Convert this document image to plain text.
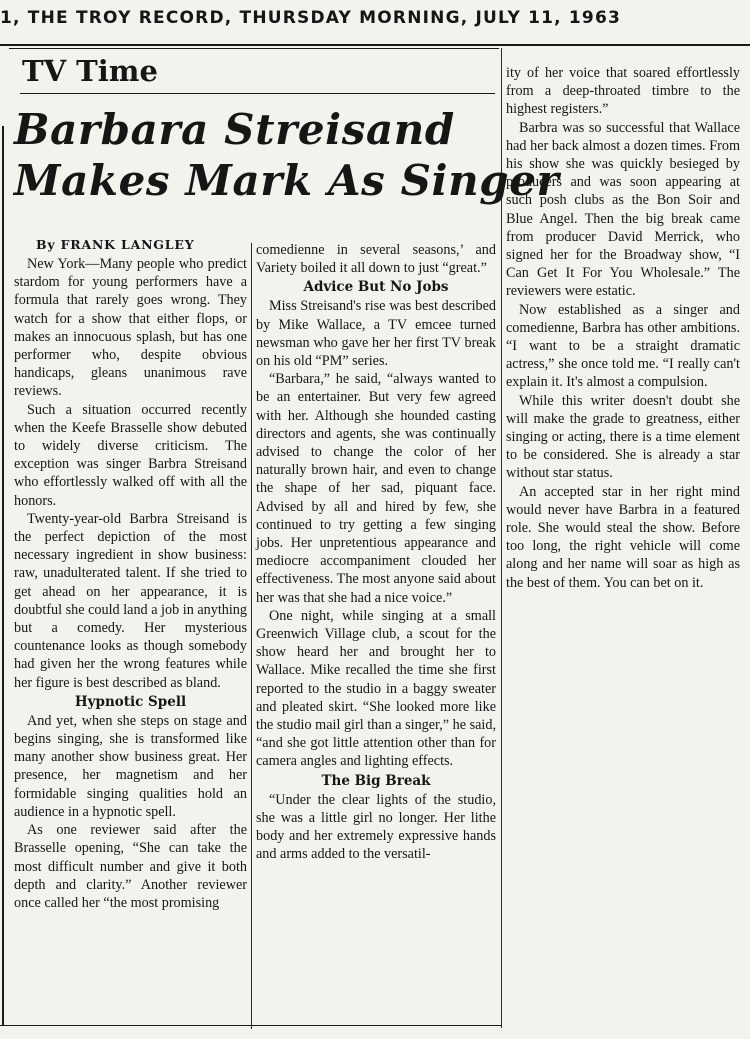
1, THE TROY RECORD, THURSDAY MORNING, JULY 11, 1963
TV Time
Barbara Streisand
Makes Mark As Singer
By FRANK LANGLEY

New York—Many people who predict stardom for young performers have a formula that rarely goes wrong. They watch for a show that either flops, or makes an innocuous splash, but has one performer who, despite obvious handicaps, gleans unanimous rave reviews.

Such a situation occurred recently when the Keefe Brasselle show debuted to widely diverse criticism. The exception was singer Barbra Streisand who effortlessly walked off with all the honors.

Twenty-year-old Barbra Streisand is the perfect depiction of the most necessary ingredient in show business: raw, unadulterated talent. If she tried to get ahead on her appearance, it is doubtful she could land a job in anything but a comedy. Her mysterious countenance looks as though somebody had given her the wrong features while her figure is best described as bland.

Hypnotic Spell

And yet, when she steps on stage and begins singing, she is transformed like many another show business great. Her presence, her magnetism and her formidable singing qualities hold an audience in a hypnotic spell.

As one reviewer said after the Brasselle opening, “She can take the most difficult number and give it both depth and clarity.” Another reviewer once called her “the most promising

comedienne in several seasons,’ and Variety boiled it all down to just “great.”

Advice But No Jobs

Miss Streisand's rise was best described by Mike Wallace, a TV emcee turned newsman who gave her her first TV break on his old “PM” series.

“Barbara,” he said, “always wanted to be an entertainer. But very few agreed with her. Although she hounded casting directors and agents, she was continually advised to change the color of her naturally brown hair, and even to change the shape of her sad, piquant face. Advised by all and hired by few, she continued to try getting a few singing jobs. Her unpretentious appearance and mediocre accompaniment clouded her effectiveness. The most anyone said about her was that she had a nice voice.”

One night, while singing at a small Greenwich Village club, a scout for the show heard her and brought her to Wallace. Mike recalled the time she first reported to the studio in a baggy sweater and pleated skirt. “She looked more like the studio mail girl than a singer,” he said, “and she got little attention other than for camera angles and lighting effects.

The Big Break

“Under the clear lights of the studio, she was a little girl no longer. Her lithe body and her extremely expressive hands and arms added to the versatil-

ity of her voice that soared effortlessly from a deep-throated timbre to the highest registers.”

Barbra was so successful that Wallace had her back almost a dozen times. From his show she was quickly besieged by producers and was soon appearing at such posh clubs as the Bon Soir and Blue Angel. Then the big break came from producer David Merrick, who signed her for the Broadway show, “I Can Get It For You Wholesale.” The reviewers were estatic.

Now established as a singer and comedienne, Barbra has other ambitions. “I want to be a straight dramatic actress,” she once told me. “I really can't explain it. It's almost a compulsion.

While this writer doesn't doubt she will make the grade to greatness, either singing or acting, there is a time element to be considered. She is already a star without star status.

An accepted star in her right mind would never have Barbra in a featured role. She would steal the show. Before too long, the right vehicle will come along and her name will soar as high as the best of them. You can bet on it.
